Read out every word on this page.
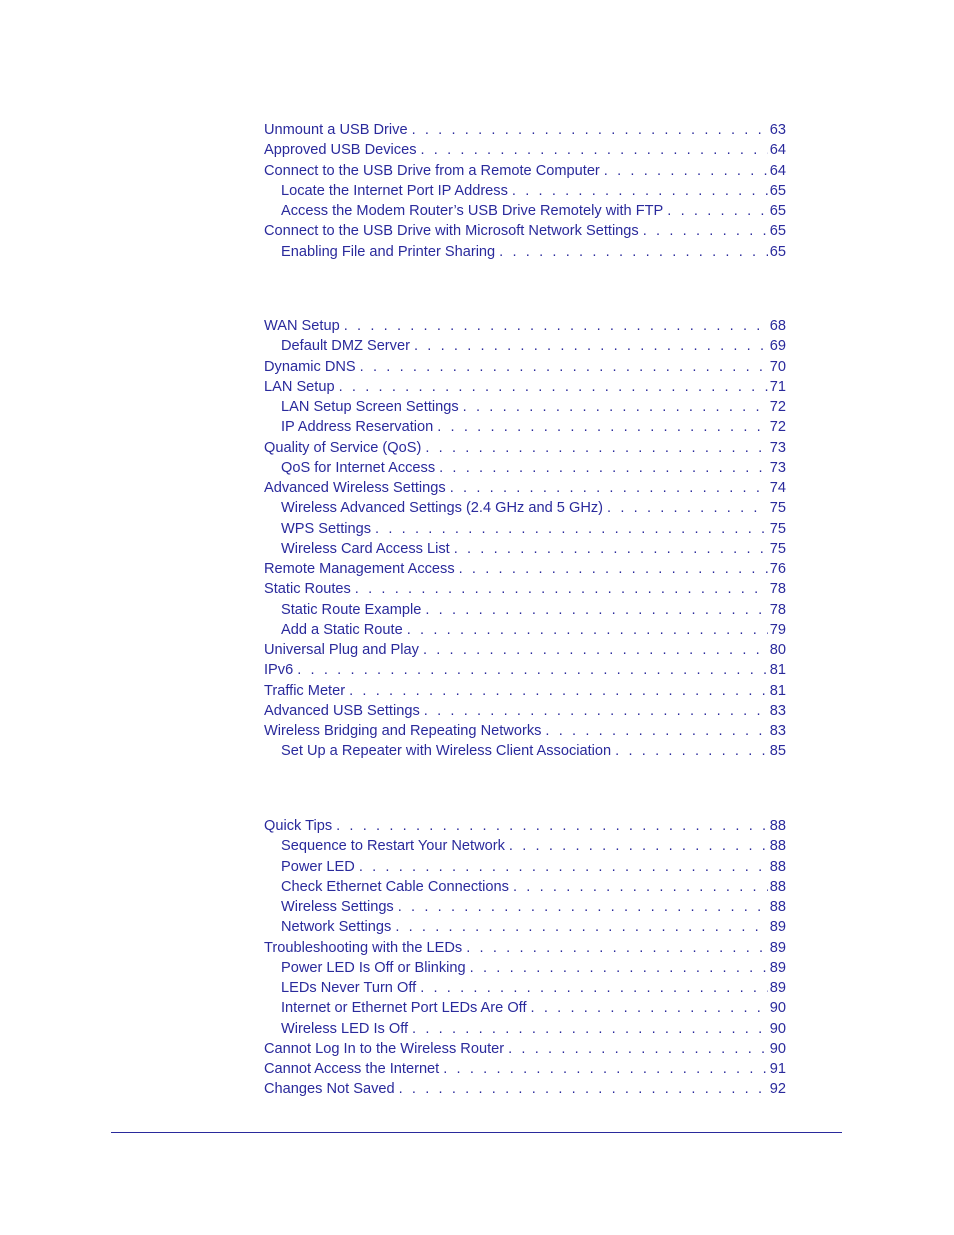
Unmount a USB Drive . . .	63
Approved USB Devices . . .	64
Connect to the USB Drive from a Remote Computer . . .	64
Locate the Internet Port IP Address . . .	65
Access the Modem Router’s USB Drive Remotely with FTP . . .	65
Connect to the USB Drive with Microsoft Network Settings . . .	65
Enabling File and Printer Sharing . . .	65
WAN Setup . . .	68
Default DMZ Server . . .	69
Dynamic DNS . . .	70
LAN Setup . . .	71
LAN Setup Screen Settings . . .	72
IP Address Reservation . . .	72
Quality of Service (QoS) . . .	73
QoS for Internet Access . . .	73
Advanced Wireless Settings . . .	74
Wireless Advanced Settings (2.4 GHz and 5 GHz) . . .	75
WPS Settings . . .	75
Wireless Card Access List . . .	75
Remote Management Access . . .	76
Static Routes . . .	78
Static Route Example . . .	78
Add a Static Route . . .	79
Universal Plug and Play . . .	80
IPv6 . . .	81
Traffic Meter . . .	81
Advanced USB Settings . . .	83
Wireless Bridging and Repeating Networks . . .	83
Set Up a Repeater with Wireless Client Association . . .	85
Quick Tips . . .	88
Sequence to Restart Your Network . . .	88
Power LED . . .	88
Check Ethernet Cable Connections . . .	88
Wireless Settings . . .	88
Network Settings . . .	89
Troubleshooting with the LEDs . . .	89
Power LED Is Off or Blinking . . .	89
LEDs Never Turn Off . . .	89
Internet or Ethernet Port LEDs Are Off . . .	90
Wireless LED Is Off . . .	90
Cannot Log In to the Wireless Router . . .	90
Cannot Access the Internet . . .	91
Changes Not Saved . . .	92
